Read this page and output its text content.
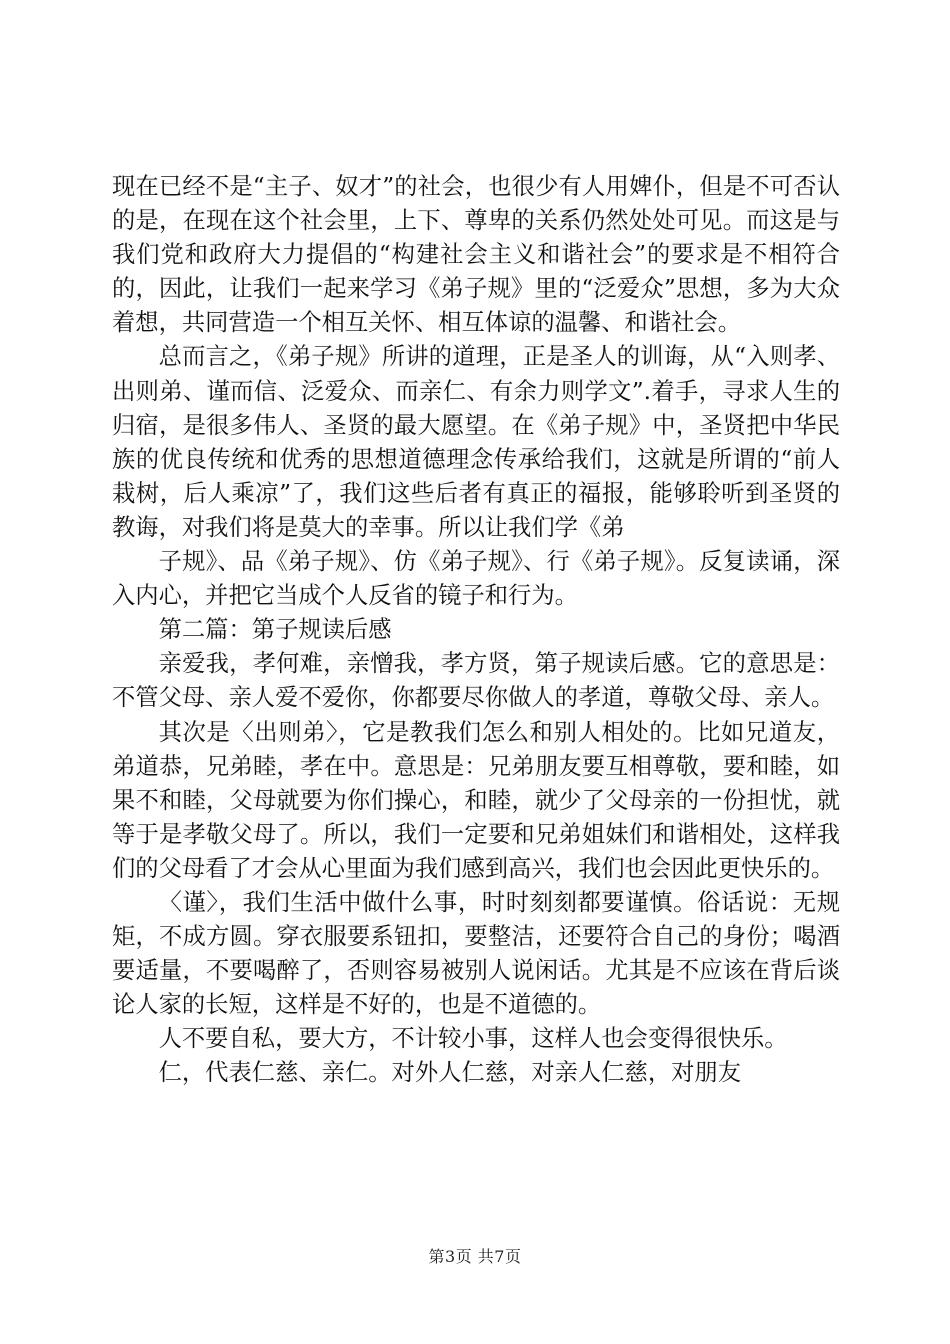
现在已经不是“主子、奴才”的社会，也很少有人用婢仆，但是不可否认的是，在现在这个社会里，上下、尊卑的关系仍然处处可见。而这是与我们党和政府大力提倡的“构建社会主义和谐社会”的要求是不相符合的，因此，让我们一起来学习《弟子规》里的“泛爱众”思想，多为大众着想，共同营造一个相互关怀、相互体谅的温馨、和谐社会。

总而言之，《弟子规》所讲的道理，正是圣人的训诲，从“入则孝、出则弟、谨而信、泛爱众、而亲仁、有余力则学文”.着手，寻求人生的归宿，是很多伟人、圣贤的最大愿望。在《弟子规》中，圣贤把中华民族的优良传统和优秀的思想道德理念传承给我们，这就是所谓的“前人栽树，后人乘凉”了，我们这些后者有真正的福报，能够聆听到圣贤的教诲，对我们将是莫大的幸事。所以让我们学《弟

子规》、品《弟子规》、仿《弟子规》、行《弟子规》。反复读诵，深入内心，并把它当成个人反省的镜子和行为。

第二篇：第子规读后感

亲爱我，孝何难，亲憎我，孝方贤，第子规读后感。它的意思是：不管父母、亲人爱不爱你，你都要尽你做人的孝道，尊敬父母、亲人。

其次是〈出则弟〉，它是教我们怎么和别人相处的。比如兄道友，弟道恭，兄弟睦，孝在中。意思是：兄弟朋友要互相尊敬，要和睦，如果不和睦，父母就要为你们操心，和睦，就少了父母亲的一份担忧，就等于是孝敬父母了。所以，我们一定要和兄弟姐妹们和谐相处，这样我们的父母看了才会从心里面为我们感到高兴，我们也会因此更快乐的。

〈谨〉，我们生活中做什么事，时时刻刻都要谨慎。俗话说：无规矩，不成方圆。穿衣服要系钮扣，要整洁，还要符合自己的身份；喝酒要适量，不要喝醉了，否则容易被别人说闲话。尤其是不应该在背后谈论人家的长短，这样是不好的，也是不道德的。

人不要自私，要大方，不计较小事，这样人也会变得很快乐。

仁，代表仁慈、亲仁。对外人仁慈，对亲人仁慈，对朋友

第3页 共7页
